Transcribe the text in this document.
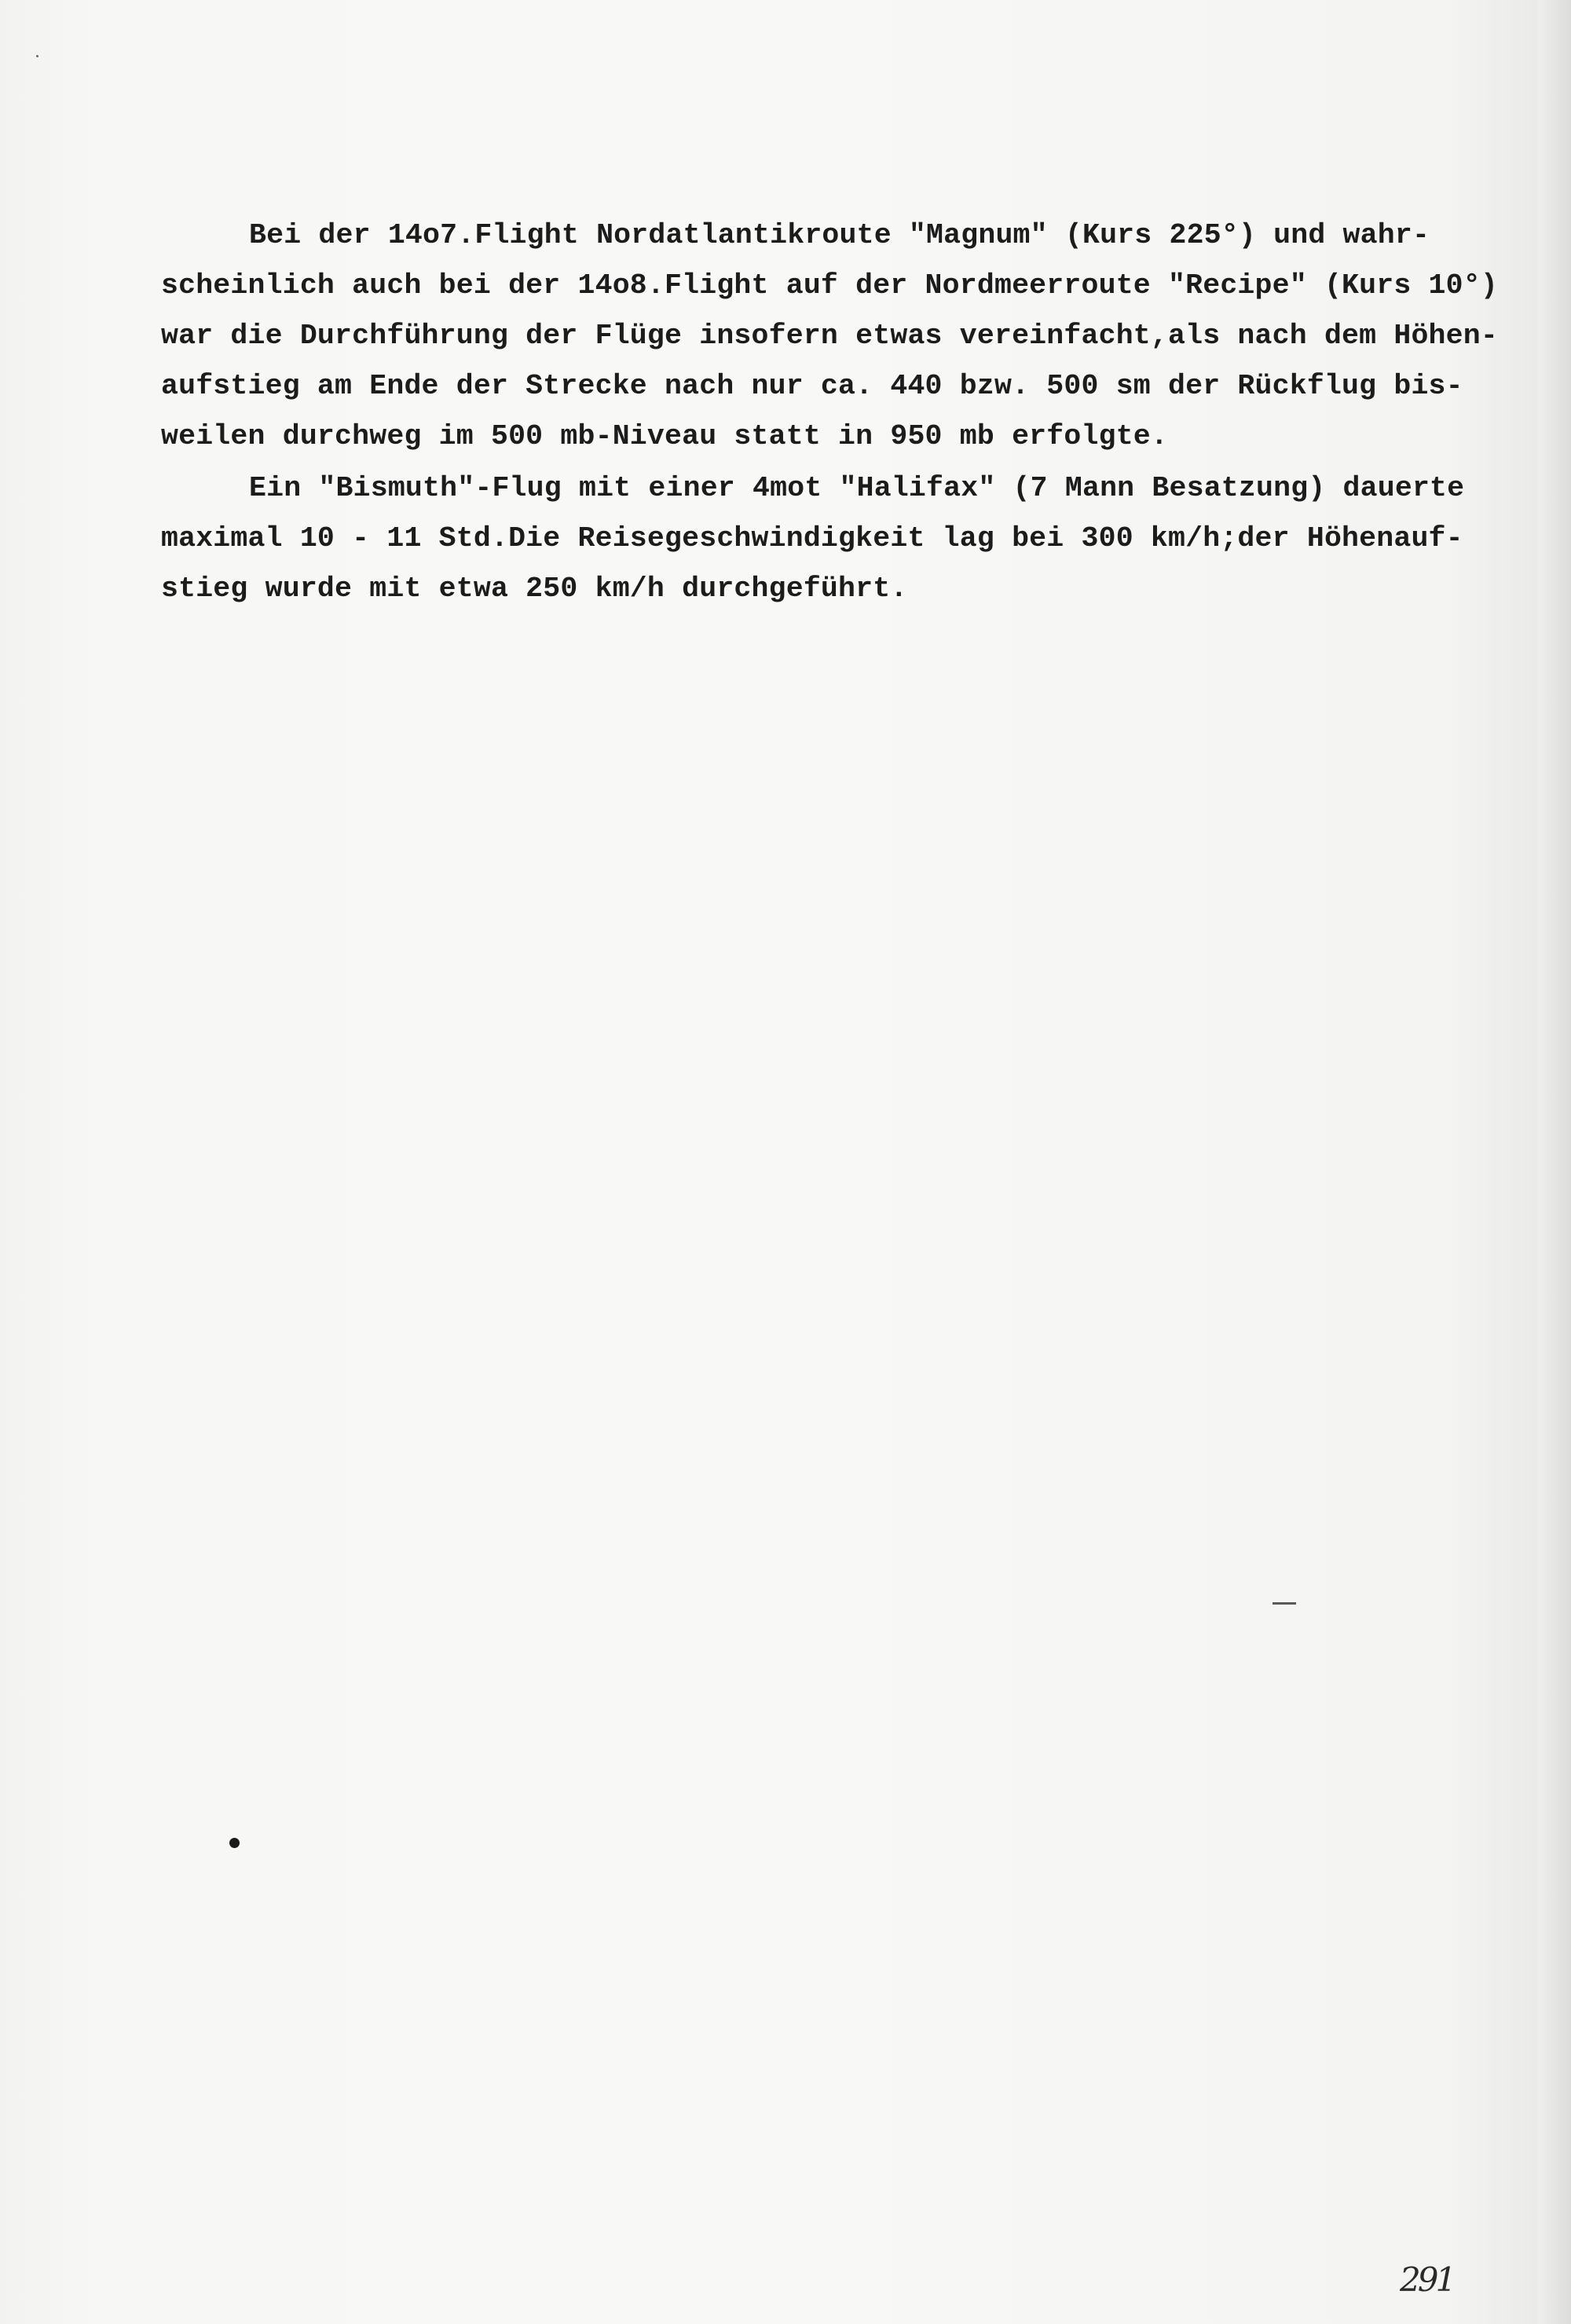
Bei der 14o7.Flight Nordatlantikroute "Magnum" (Kurs 225°) und wahr-
scheinlich auch bei der 14o8.Flight auf der Nordmeerroute "Recipe" (Kurs 10°)
war die Durchführung der Flüge insofern etwas vereinfacht,als nach dem Höhen-
aufstieg am Ende der Strecke nach nur ca. 440 bzw. 500 sm der Rückflug bis-
weilen durchweg im 500 mb-Niveau statt in 950 mb erfolgte.

Ein "Bismuth"-Flug mit einer 4mot "Halifax" (7 Mann Besatzung) dauerte
maximal 10 - 11 Std.Die Reisegeschwindigkeit lag bei 300 km/h;der Höhenauf-
stieg wurde mit etwa 250 km/h durchgeführt.

291
